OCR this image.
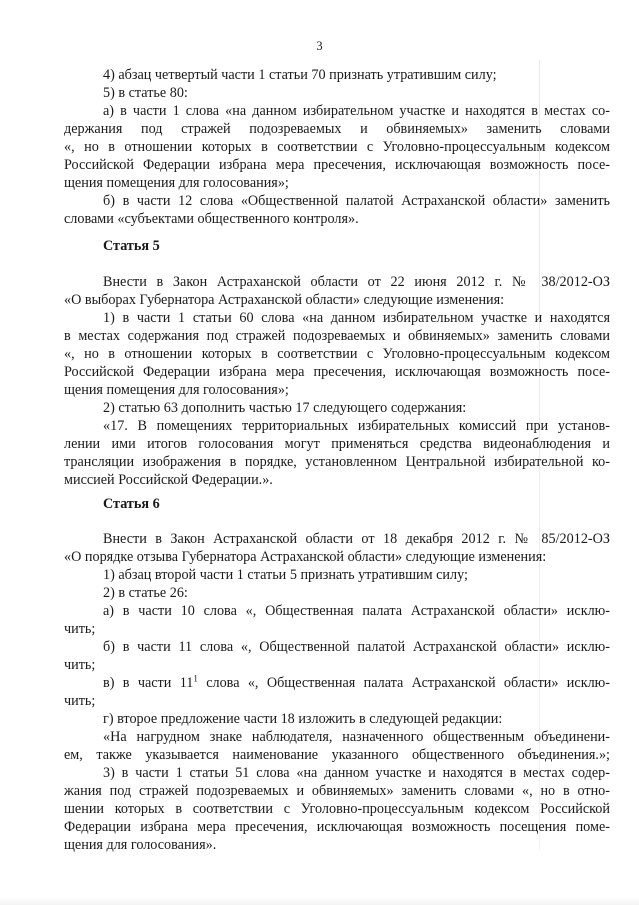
3
4) абзац четвертый части 1 статьи 70 признать утратившим силу;
5) в статье 80:
а) в части 1 слова «на данном избирательном участке и находятся в местах со-
держания под стражей подозреваемых и обвиняемых» заменить словами
«, но в отношении которых в соответствии с Уголовно-процессуальным кодексом
Российской Федерации избрана мера пресечения, исключающая возможность посе-
щения помещения для голосования»;
б) в части 12 слова «Общественной палатой Астраханской области» заменить
словами «субъектами общественного контроля».
Статья 5
Внести в Закон Астраханской области от 22 июня 2012 г. № 38/2012-ОЗ
«О выборах Губернатора Астраханской области» следующие изменения:
1) в части 1 статьи 60 слова «на данном избирательном участке и находятся
в местах содержания под стражей подозреваемых и обвиняемых» заменить словами
«, но в отношении которых в соответствии с Уголовно-процессуальным кодексом
Российской Федерации избрана мера пресечения, исключающая возможность посе-
щения помещения для голосования»;
2) статью 63 дополнить частью 17 следующего содержания:
«17. В помещениях территориальных избирательных комиссий при установ-
лении ими итогов голосования могут применяться средства видеонаблюдения и
трансляции изображения в порядке, установленном Центральной избирательной ко-
миссией Российской Федерации.».
Статья 6
Внести в Закон Астраханской области от 18 декабря 2012 г. № 85/2012-ОЗ
«О порядке отзыва Губернатора Астраханской области» следующие изменения:
1) абзац второй части 1 статьи 5 признать утратившим силу;
2) в статье 26:
а) в части 10 слова «, Общественная палата Астраханской области» исклю-
чить;
б) в части 11 слова «, Общественной палатой Астраханской области» исклю-
чить;
в) в части $11^1$ слова «, Общественная палата Астраханской области» исклю-
чить;
г) второе предложение части 18 изложить в следующей редакции:
«На нагрудном знаке наблюдателя, назначенного общественным объединени-
ем, также указывается наименование указанного общественного объединения.»;
3) в части 1 статьи 51 слова «на данном участке и находятся в местах содер-
жания под стражей подозреваемых и обвиняемых» заменить словами «, но в отно-
шении которых в соответствии с Уголовно-процессуальным кодексом Российской
Федерации избрана мера пресечения, исключающая возможность посещения поме-
щения для голосования».
